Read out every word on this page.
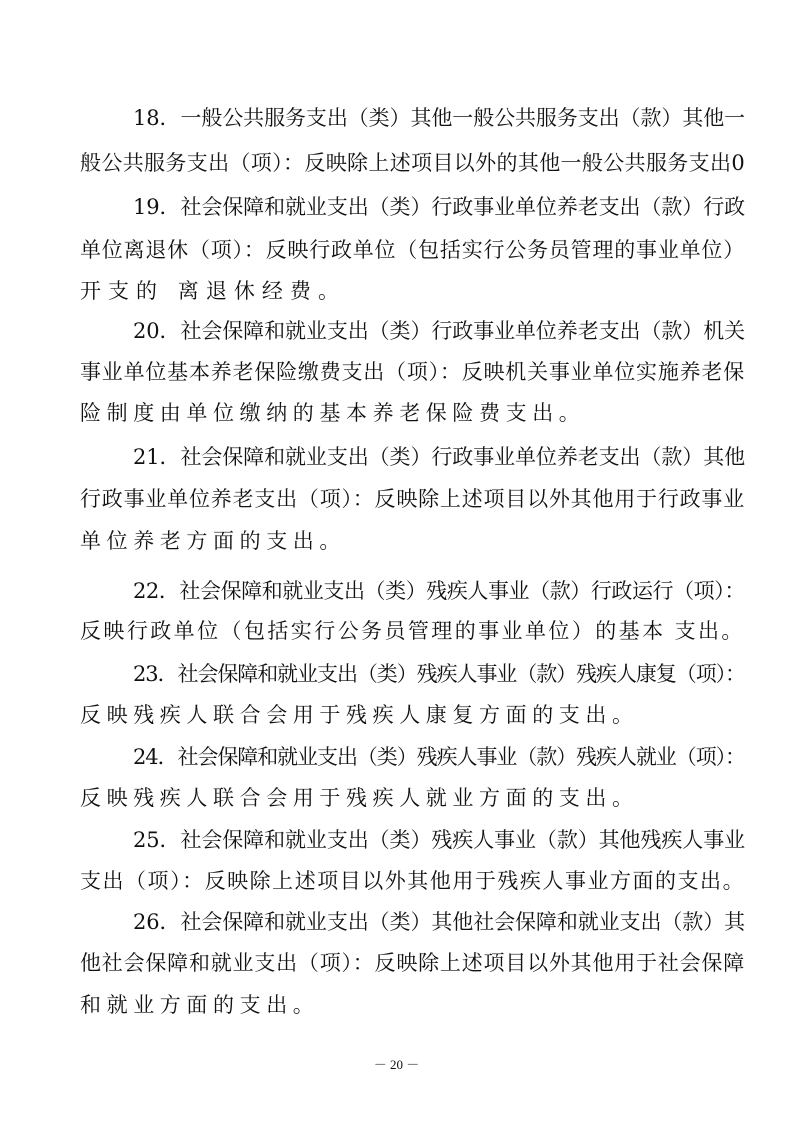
18．一般公共服务支出（类）其他一般公共服务支出（款）其他一
般公共服务支出（项）：反映除上述项目以外的其他一般公共服务支出0
19．社会保障和就业支出（类）行政事业单位养老支出（款）行政
单位离退休（项）：反映行政单位（包括实行公务员管理的事业单位）
开支的 离退休经费。
20．社会保障和就业支出（类）行政事业单位养老支出（款）机关
事业单位基本养老保险缴费支出（项）：反映机关事业单位实施养老保
险制度由单位缴纳的基本养老保险费支出。
21．社会保障和就业支出（类）行政事业单位养老支出（款）其他
行政事业单位养老支出（项）：反映除上述项目以外其他用于行政事业
单位养老方面的支出。
22．社会保障和就业支出（类）残疾人事业（款）行政运行（项）：
反映行政单位（包括实行公务员管理的事业单位）的基本 支出。
23．社会保障和就业支出（类）残疾人事业（款）残疾人康复（项）：
反映残疾人联合会用于残疾人康复方面的支出。
24．社会保障和就业支出（类）残疾人事业（款）残疾人就业（项）：
反映残疾人联合会用于残疾人就业方面的支出。
25．社会保障和就业支出（类）残疾人事业（款）其他残疾人事业
支出（项）：反映除上述项目以外其他用于残疾人事业方面的支出。
26．社会保障和就业支出（类）其他社会保障和就业支出（款）其
他社会保障和就业支出（项）：反映除上述项目以外其他用于社会保障
和就业方面的支出。
－ 20 －
